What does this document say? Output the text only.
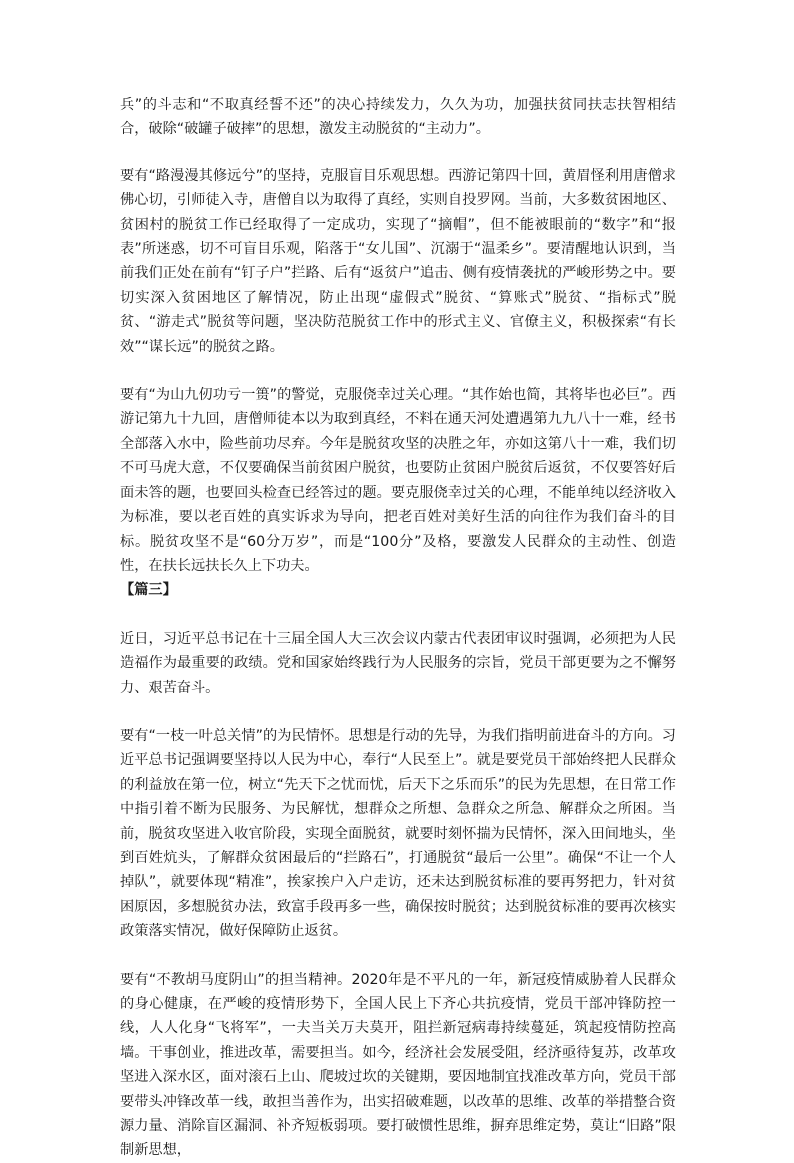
兵”的斗志和“不取真经誓不还”的决心持续发力，久久为功，加强扶贫同扶志扶智相结合，破除“破罐子破摔”的思想，激发主动脱贫的“主动力”。

要有“路漫漫其修远兮”的坚持，克服盲目乐观思想。西游记第四十回，黄眉怪利用唐僧求佛心切，引师徒入寺，唐僧自以为取得了真经，实则自投罗网。当前，大多数贫困地区、贫困村的脱贫工作已经取得了一定成功，实现了“摘帽”，但不能被眼前的“数字”和“报表”所迷惑，切不可盲目乐观，陷落于“女儿国”、沉溺于“温柔乡”。要清醒地认识到，当前我们正处在前有“钉子户”拦路、后有“返贫户”追击、侧有疫情袭扰的严峻形势之中。要切实深入贫困地区了解情况，防止出现“虚假式”脱贫、“算账式”脱贫、“指标式”脱贫、“游走式”脱贫等问题，坚决防范脱贫工作中的形式主义、官僚主义，积极探索“有长效”“谋长远”的脱贫之路。

要有“为山九仞功亏一篑”的警觉，克服侥幸过关心理。“其作始也简，其将毕也必巨”。西游记第九十九回，唐僧师徒本以为取到真经，不料在通天河处遭遇第九九八十一难，经书全部落入水中，险些前功尽弃。今年是脱贫攻坚的决胜之年，亦如这第八十一难，我们切不可马虎大意，不仅要确保当前贫困户脱贫，也要防止贫困户脱贫后返贫，不仅要答好后面未答的题，也要回头检查已经答过的题。要克服侥幸过关的心理，不能单纯以经济收入为标准，要以老百姓的真实诉求为导向，把老百姓对美好生活的向往作为我们奋斗的目标。脱贫攻坚不是“60分万岁”，而是“100分”及格，要激发人民群众的主动性、创造性，在扶长远扶长久上下功夫。

【篇三】

近日，习近平总书记在十三届全国人大三次会议内蒙古代表团审议时强调，必须把为人民造福作为最重要的政绩。党和国家始终践行为人民服务的宗旨，党员干部更要为之不懈努力、艰苦奋斗。

要有“一枝一叶总关情”的为民情怀。思想是行动的先导，为我们指明前进奋斗的方向。习近平总书记强调要坚持以人民为中心，奉行“人民至上”。就是要党员干部始终把人民群众的利益放在第一位，树立“先天下之忧而忧，后天下之乐而乐”的民为先思想，在日常工作中指引着不断为民服务、为民解忧，想群众之所想、急群众之所急、解群众之所困。当前，脱贫攻坚进入收官阶段，实现全面脱贫，就要时刻怀揣为民情怀，深入田间地头，坐到百姓炕头，了解群众贫困最后的“拦路石”，打通脱贫“最后一公里”。确保“不让一个人掉队”，就要体现“精准”，挨家挨户入户走访，还未达到脱贫标准的要再努把力，针对贫困原因，多想脱贫办法，致富手段再多一些，确保按时脱贫；达到脱贫标准的要再次核实政策落实情况，做好保障防止返贫。

要有“不教胡马度阴山”的担当精神。2020年是不平凡的一年，新冠疫情威胁着人民群众的身心健康，在严峻的疫情形势下，全国人民上下齐心共抗疫情，党员干部冲锋防控一线，人人化身“飞将军”，一夫当关万夫莫开，阻拦新冠病毒持续蔓延，筑起疫情防控高墙。干事创业，推进改革，需要担当。如今，经济社会发展受阻，经济亟待复苏，改革攻坚进入深水区，面对滚石上山、爬坡过坎的关键期，要因地制宜找准改革方向，党员干部要带头冲锋改革一线，敢担当善作为，出实招破难题，以改革的思维、改革的举措整合资源力量、消除盲区漏洞、补齐短板弱项。要打破惯性思维，摒弃思维定势，莫让“旧路”限制新思想，
